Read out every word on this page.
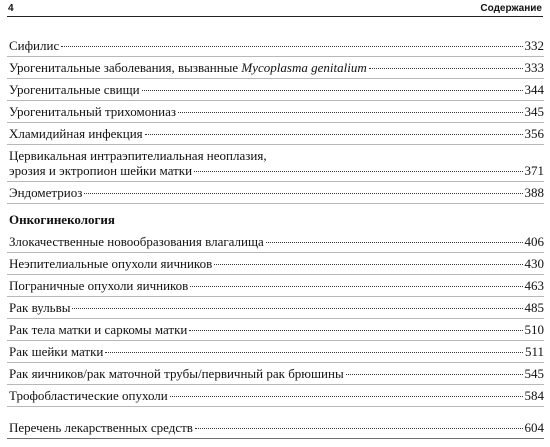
4	Содержание
Сифилис	332
Урогенитальные заболевания, вызванные Mycoplasma genitalium	333
Урогенитальные свищи	344
Урогенитальный трихомониаз	345
Хламидийная инфекция	356
Цервикальная интраэпителиальная неоплазия,
эрозия и эктропион шейки матки	371
Эндометриоз	388
Онкогинекология
Злокачественные новообразования влагалища	406
Неэпителиальные опухоли яичников	430
Пограничные опухоли яичников	463
Рак вульвы	485
Рак тела матки и саркомы матки	510
Рак шейки матки	511
Рак яичников/рак маточной трубы/первичный рак брюшины	545
Трофобластические опухоли	584
Перечень лекарственных средств	604
